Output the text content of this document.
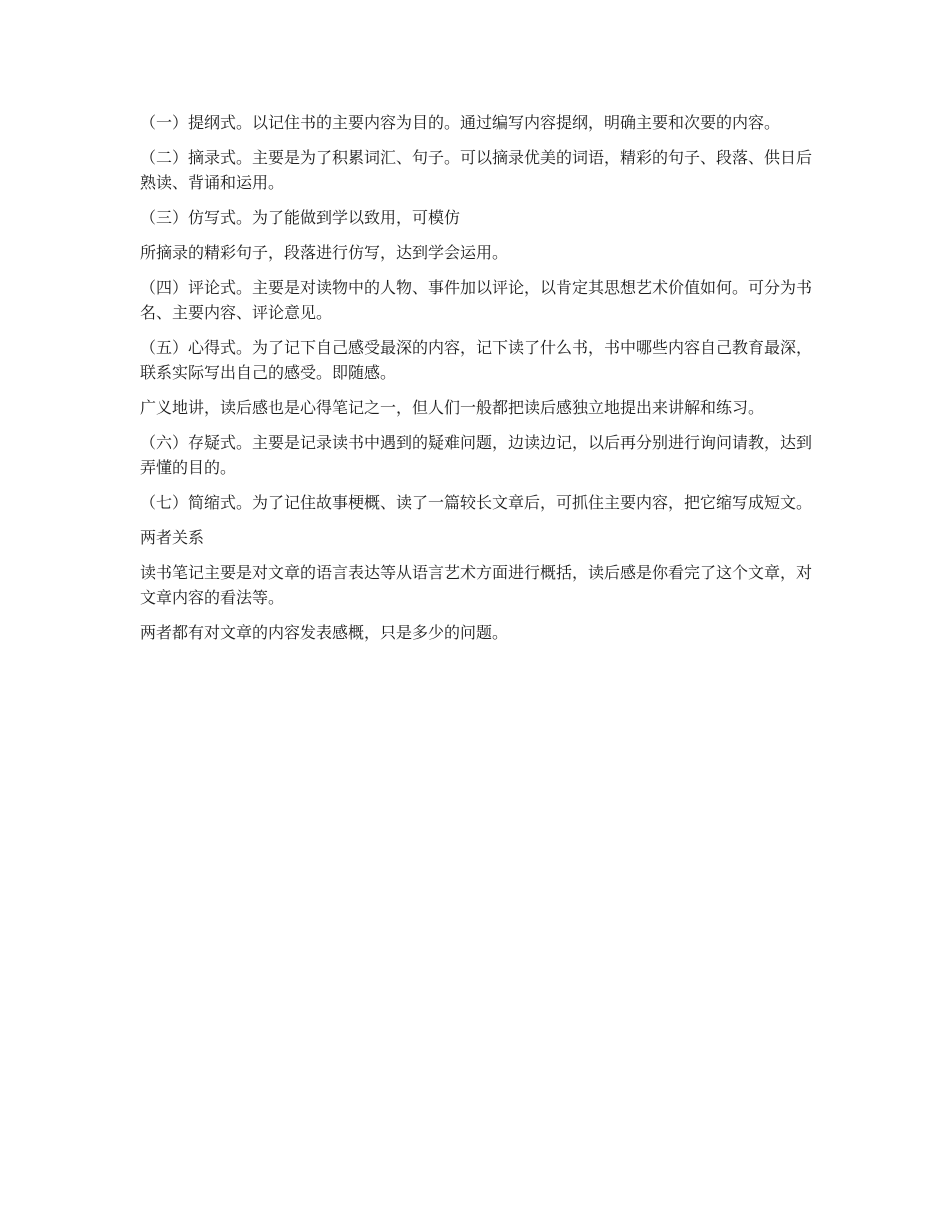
（一）提纲式。以记住书的主要内容为目的。通过编写内容提纲，明确主要和次要的内容。

（二）摘录式。主要是为了积累词汇、句子。可以摘录优美的词语，精彩的句子、段落、供日后熟读、背诵和运用。

（三）仿写式。为了能做到学以致用，可模仿

所摘录的精彩句子，段落进行仿写，达到学会运用。

（四）评论式。主要是对读物中的人物、事件加以评论，以肯定其思想艺术价值如何。可分为书名、主要内容、评论意见。

（五）心得式。为了记下自己感受最深的内容，记下读了什么书，书中哪些内容自己教育最深，联系实际写出自己的感受。即随感。

广义地讲，读后感也是心得笔记之一，但人们一般都把读后感独立地提出来讲解和练习。

（六）存疑式。主要是记录读书中遇到的疑难问题，边读边记，以后再分别进行询问请教，达到弄懂的目的。

（七）简缩式。为了记住故事梗概、读了一篇较长文章后，可抓住主要内容，把它缩写成短文。

两者关系

读书笔记主要是对文章的语言表达等从语言艺术方面进行概括，读后感是你看完了这个文章，对文章内容的看法等。

两者都有对文章的内容发表感概，只是多少的问题。
